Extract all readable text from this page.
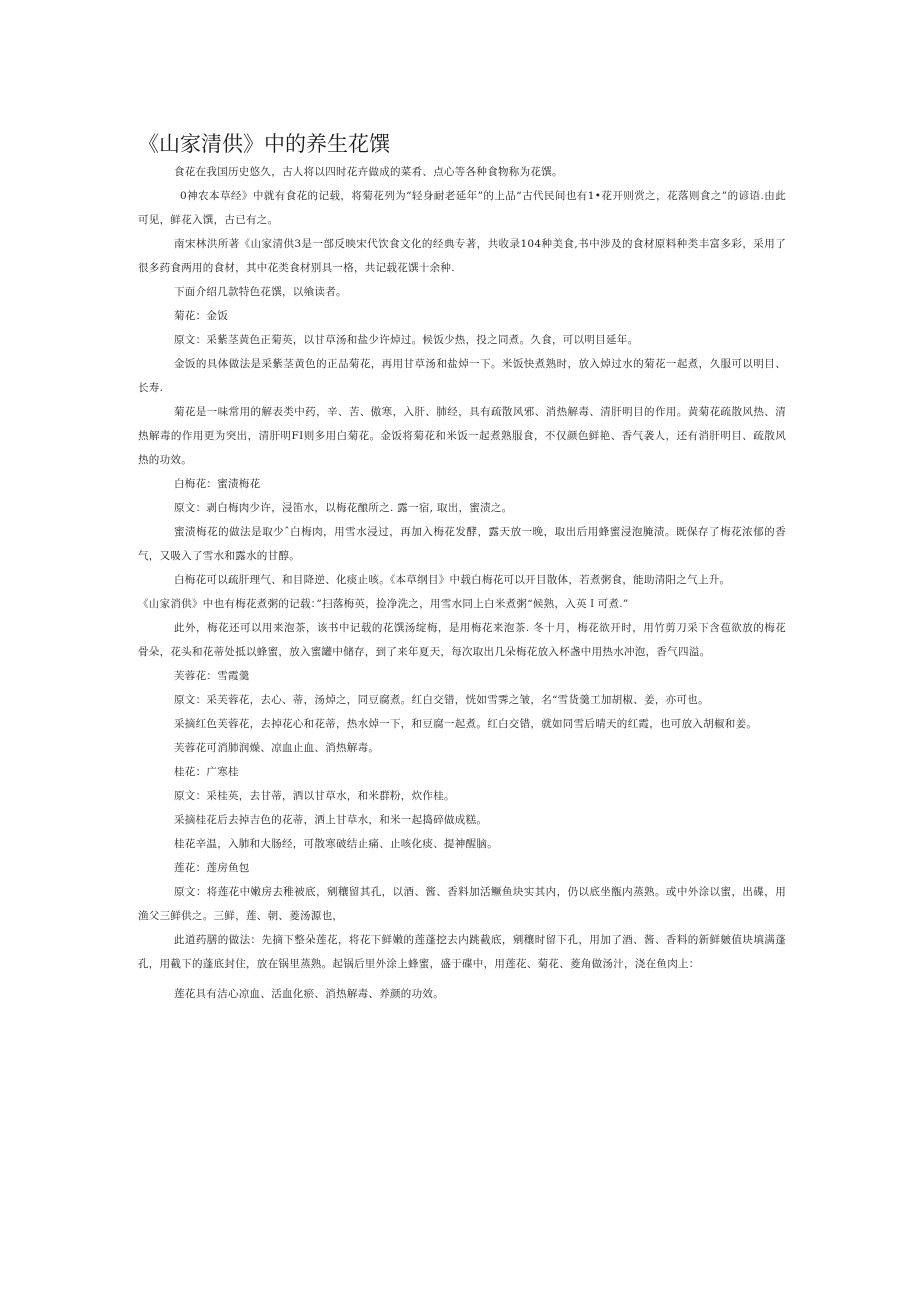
《山家清供》中的养生花馔

食花在我国历史悠久，古人将以四时花卉做成的菜肴、点心等各种食物称为花馔。

0神农本草经》中就有食花的记载，将菊花列为“轻身耐老延年”的上品“古代民间也有1•花开则赏之，花落则食之”的谚语.由此可见，鲜花入馔，古已有之。

南宋林洪所著《山家清供3是一部反映宋代饮食文化的经典专著，共收录104种美食,书中涉及的食材原料种类丰富多彩，采用了很多药食两用的食材，其中花类食材别具一格，共记载花馔十余种.

下面介绍几款特色花馔，以飨读者。

菊花：金饭

原文：采紫茎黄色正菊英，以甘草汤和盐少许焯过。候饭少热，投之同煮。久食，可以明目延年。

金饭的具体做法是采紫茎黄色的正品菊花，再用甘草汤和盐焯一下。米饭快煮熟时，放入焯过水的菊花一起煮，久服可以明目、长寿.

菊花是一味常用的解表类中药，辛、苦、傲寒，入肝、肺经，具有疏散风邪、消热解毒、清肝明目的作用。黄菊花疏散风热、清热解毒的作用更为突出，清肝明FI则多用白菊花。金饭将菊花和米饭一起煮熟服食，不仅颜色鲜艳、香气袭人，还有消肝明目、疏散风热的功效。

白梅花：蜜渍梅花

原文：剥白梅肉少许，浸笛水，以梅花酿所之. 露一宿, 取出，蜜渍之。

蜜渍梅花的做法是取少ˆ白梅肉，用雪水浸过，再加入梅花发酵，露天放一晚，取出后用蜂蜜浸泡腌渍。既保存了梅花浓郁的香气，又吸入了雪水和露水的甘醇。

白梅花可以疏肝理气、和目降逆、化痰止咳。《本草纲目》中载白梅花可以开目散体，若煮粥食，能助清阳之气上升。

《山家消供》中也有梅花煮粥的记载：”扫落梅英，捡净洗之，用雪水同上白米煮粥“候熟，入英Ｉ可煮.”

此外，梅花还可以用来泡茶，该书中记载的花馔汤绽梅，是用梅花来泡茶. 冬十月，梅花欲开时，用竹剪刀采下含苞欲放的梅花骨朵，花头和花蒂处抵以蜂蜜，放入蜜罐中储存，到了来年夏天，每次取出几朵梅花放入杯盏中用热水冲泡，香气四溢。

芙蓉花：雪霞羹

原文：采芙蓉花，去心、蒂，汤焯之，同豆腐煮。红白交错，恍如雪霁之皱，名“雪货羹工加胡椒、姜，亦可也。

采摘红色芙蓉花，去掉花心和花蒂，热水焯一下，和豆腐一起煮。红白交错，就如同雪后晴天的红霞，也可放入胡椒和姜。

芙蓉花可消肺润燥、凉血止血、消热解毒。

桂花：广寒桂

原文：采桂英，去甘蒂，洒以甘草水，和米群粉，炊作桂。

采摘桂花后去掉吉色的花蒂，洒上甘草水，和米一起捣碎做成糕。

桂花辛温，入肺和大肠经，可散寒破结止痛、止咳化痰、提神醒脑。

莲花：莲房鱼包

原文：将莲花中嫩房去稚被底，剜穰留其孔，以酒、酱、香料加活鳜鱼块实其内，仍以底坐甑内蒸熟。或中外涂以蜜，出碟，用渔父三鲜供之。三鲜，莲、朝、菱汤源也，

此道药膳的做法：先摘下整朵莲花，将花下鲜嫩的莲蓬挖去内跳截底，剜穰时留下孔，用加了酒、酱、香料的新鲜皴值块填满蓬孔，用截下的蓬底封住，放在锅里蒸熟。起锅后里外涂上蜂蜜，盛于碟中，用莲花、菊花、菱角做汤汁，浇在鱼肉上：

莲花具有洁心凉血、活血化瘀、消热解毒、养颜的功效。
